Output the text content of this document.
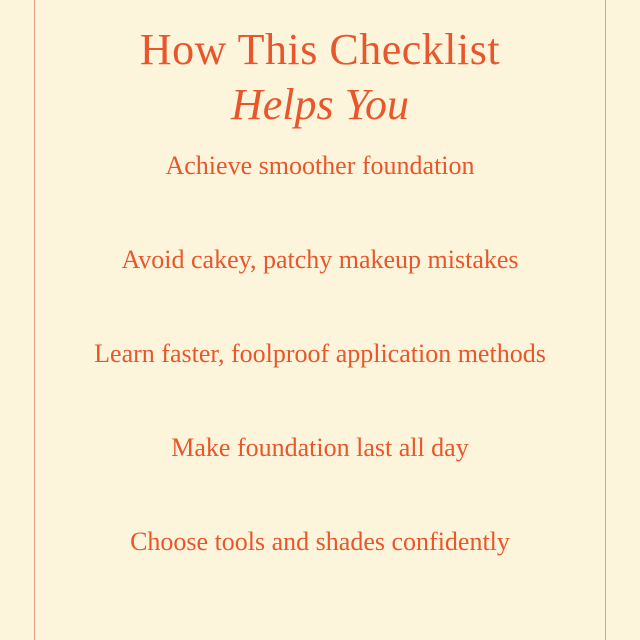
How This Checklist
Helps You
Achieve smoother foundation
Avoid cakey, patchy makeup mistakes
Learn faster, foolproof application methods
Make foundation last all day
Choose tools and shades confidently
